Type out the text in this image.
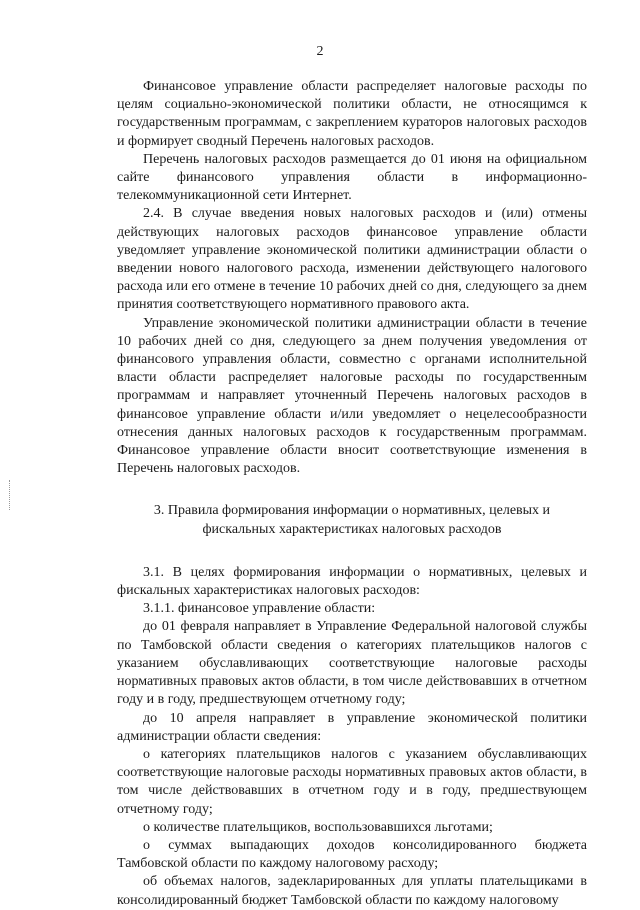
2

Финансовое управление области распределяет налоговые расходы по целям социально-экономической политики области, не относящимся к государственным программам, с закреплением кураторов налоговых расходов и формирует сводный Перечень налоговых расходов.

Перечень налоговых расходов размещается до 01 июня на официальном сайте финансового управления области в информационно-телекоммуникационной сети Интернет.

2.4. В случае введения новых налоговых расходов и (или) отмены действующих налоговых расходов финансовое управление области уведомляет управление экономической политики администрации области о введении нового налогового расхода, изменении действующего налогового расхода или его отмене в течение 10 рабочих дней со дня, следующего за днем принятия соответствующего нормативного правового акта.

Управление экономической политики администрации области в течение 10 рабочих дней со дня, следующего за днем получения уведомления от финансового управления области, совместно с органами исполнительной власти области распределяет налоговые расходы по государственным программам и направляет уточненный Перечень налоговых расходов в финансовое управление области и/или уведомляет о нецелесообразности отнесения данных налоговых расходов к государственным программам. Финансовое управление области вносит соответствующие изменения в Перечень налоговых расходов.

3. Правила формирования информации о нормативных, целевых и
фискальных характеристиках налоговых расходов

3.1. В целях формирования информации о нормативных, целевых и фискальных характеристиках налоговых расходов:

3.1.1. финансовое управление области:

до 01 февраля направляет в Управление Федеральной налоговой службы по Тамбовской области сведения о категориях плательщиков налогов с указанием обуславливающих соответствующие налоговые расходы нормативных правовых актов области, в том числе действовавших в отчетном году и в году, предшествующем отчетному году;

до 10 апреля направляет в управление экономической политики администрации области сведения:

о категориях плательщиков налогов с указанием обуславливающих соответствующие налоговые расходы нормативных правовых актов области, в том числе действовавших в отчетном году и в году, предшествующем отчетному году;

о количестве плательщиков, воспользовавшихся льготами;

о суммах выпадающих доходов консолидированного бюджета Тамбовской области по каждому налоговому расходу;

об объемах налогов, задекларированных для уплаты плательщиками в консолидированный бюджет Тамбовской области по каждому налоговому
